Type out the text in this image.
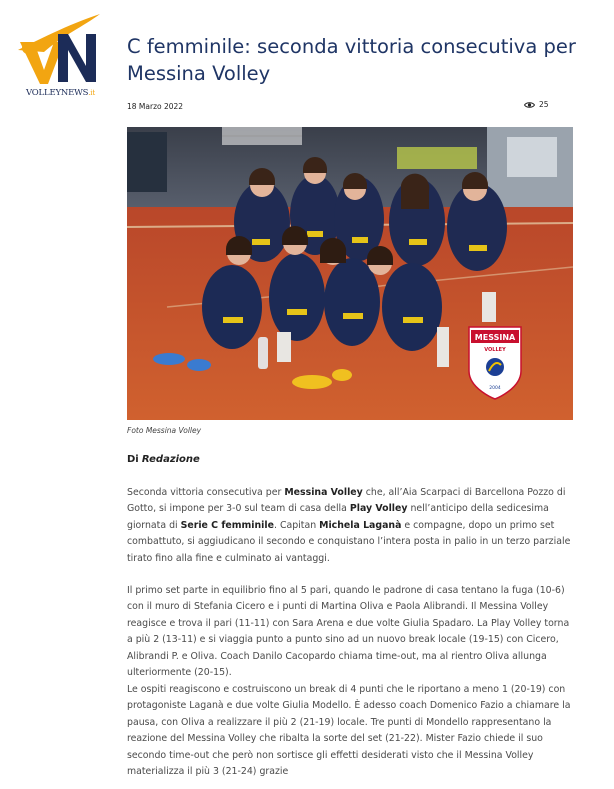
VOLLEYNEWS.it
C femminile: seconda vittoria consecutiva per Messina Volley
18 Marzo 2022	25
MESSINA
VOLLEY
2004
Foto Messina Volley
Di Redazione

Seconda vittoria consecutiva per Messina Volley che, all’Aia Scarpaci di Barcellona Pozzo di Gotto, si impone per 3-0 sul team di casa della Play Volley nell’anticipo della sedicesima giornata di Serie C femminile. Capitan Michela Laganà e compagne, dopo un primo set combattuto, si aggiudicano il secondo e conquistano l’intera posta in palio in un terzo parziale tirato fino alla fine e culminato ai vantaggi.

Il primo set parte in equilibrio fino al 5 pari, quando le padrone di casa tentano la fuga (10-6) con il muro di Stefania Cicero e i punti di Martina Oliva e Paola Alibrandi. Il Messina Volley reagisce e trova il pari (11-11) con Sara Arena e due volte Giulia Spadaro. La Play Volley torna a più 2 (13-11) e si viaggia punto a punto sino ad un nuovo break locale (19-15) con Cicero, Alibrandi P. e Oliva. Coach Danilo Cacopardo chiama time-out, ma al rientro Oliva allunga ulteriormente (20-15).

Le ospiti reagiscono e costruiscono un break di 4 punti che le riportano a meno 1 (20-19) con protagoniste Laganà e due volte Giulia Modello. È adesso coach Domenico Fazio a chiamare la pausa, con Oliva a realizzare il più 2 (21-19) locale. Tre punti di Mondello rappresentano la reazione del Messina Volley che ribalta la sorte del set (21-22). Mister Fazio chiede il suo secondo time-out che però non sortisce gli effetti desiderati visto che il Messina Volley materializza il più 3 (21-24) grazie
